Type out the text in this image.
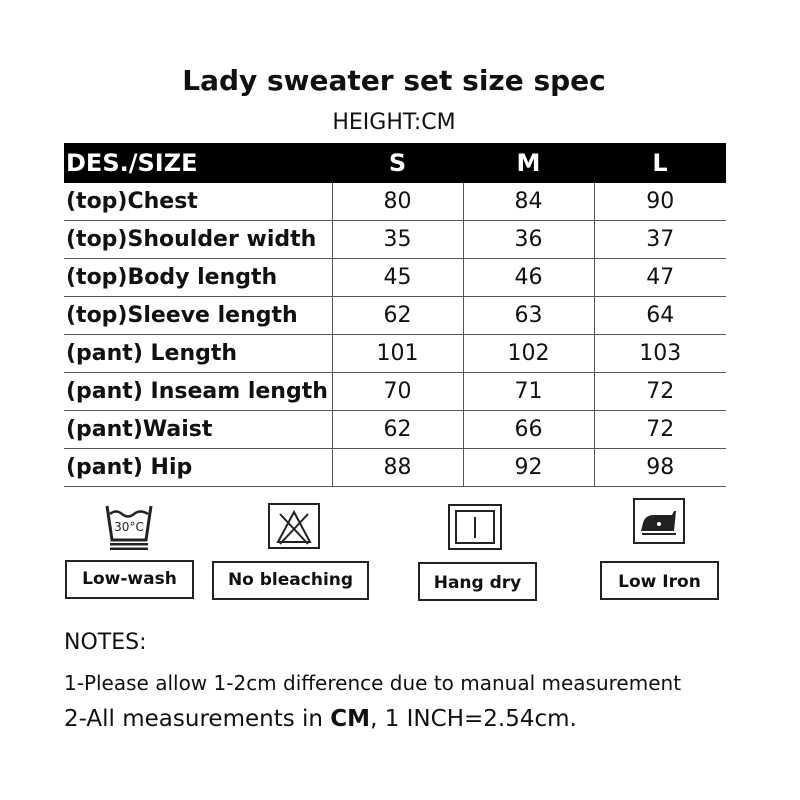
Lady sweater set size spec
HEIGHT:CM
DES./SIZE	S	M	L
(top)Chest	80	84	90
(top)Shoulder width	35	36	37
(top)Body length	45	46	47
(top)Sleeve length	62	63	64
(pant) Length	101	102	103
(pant) Inseam length	70	71	72
(pant)Waist	62	66	72
(pant) Hip	88	92	98
30°C
Low-wash	No bleaching	Hang dry	Low Iron
NOTES:
1-Please allow 1-2cm difference due to manual measurement
2-All measurements in CM, 1 INCH=2.54cm.
